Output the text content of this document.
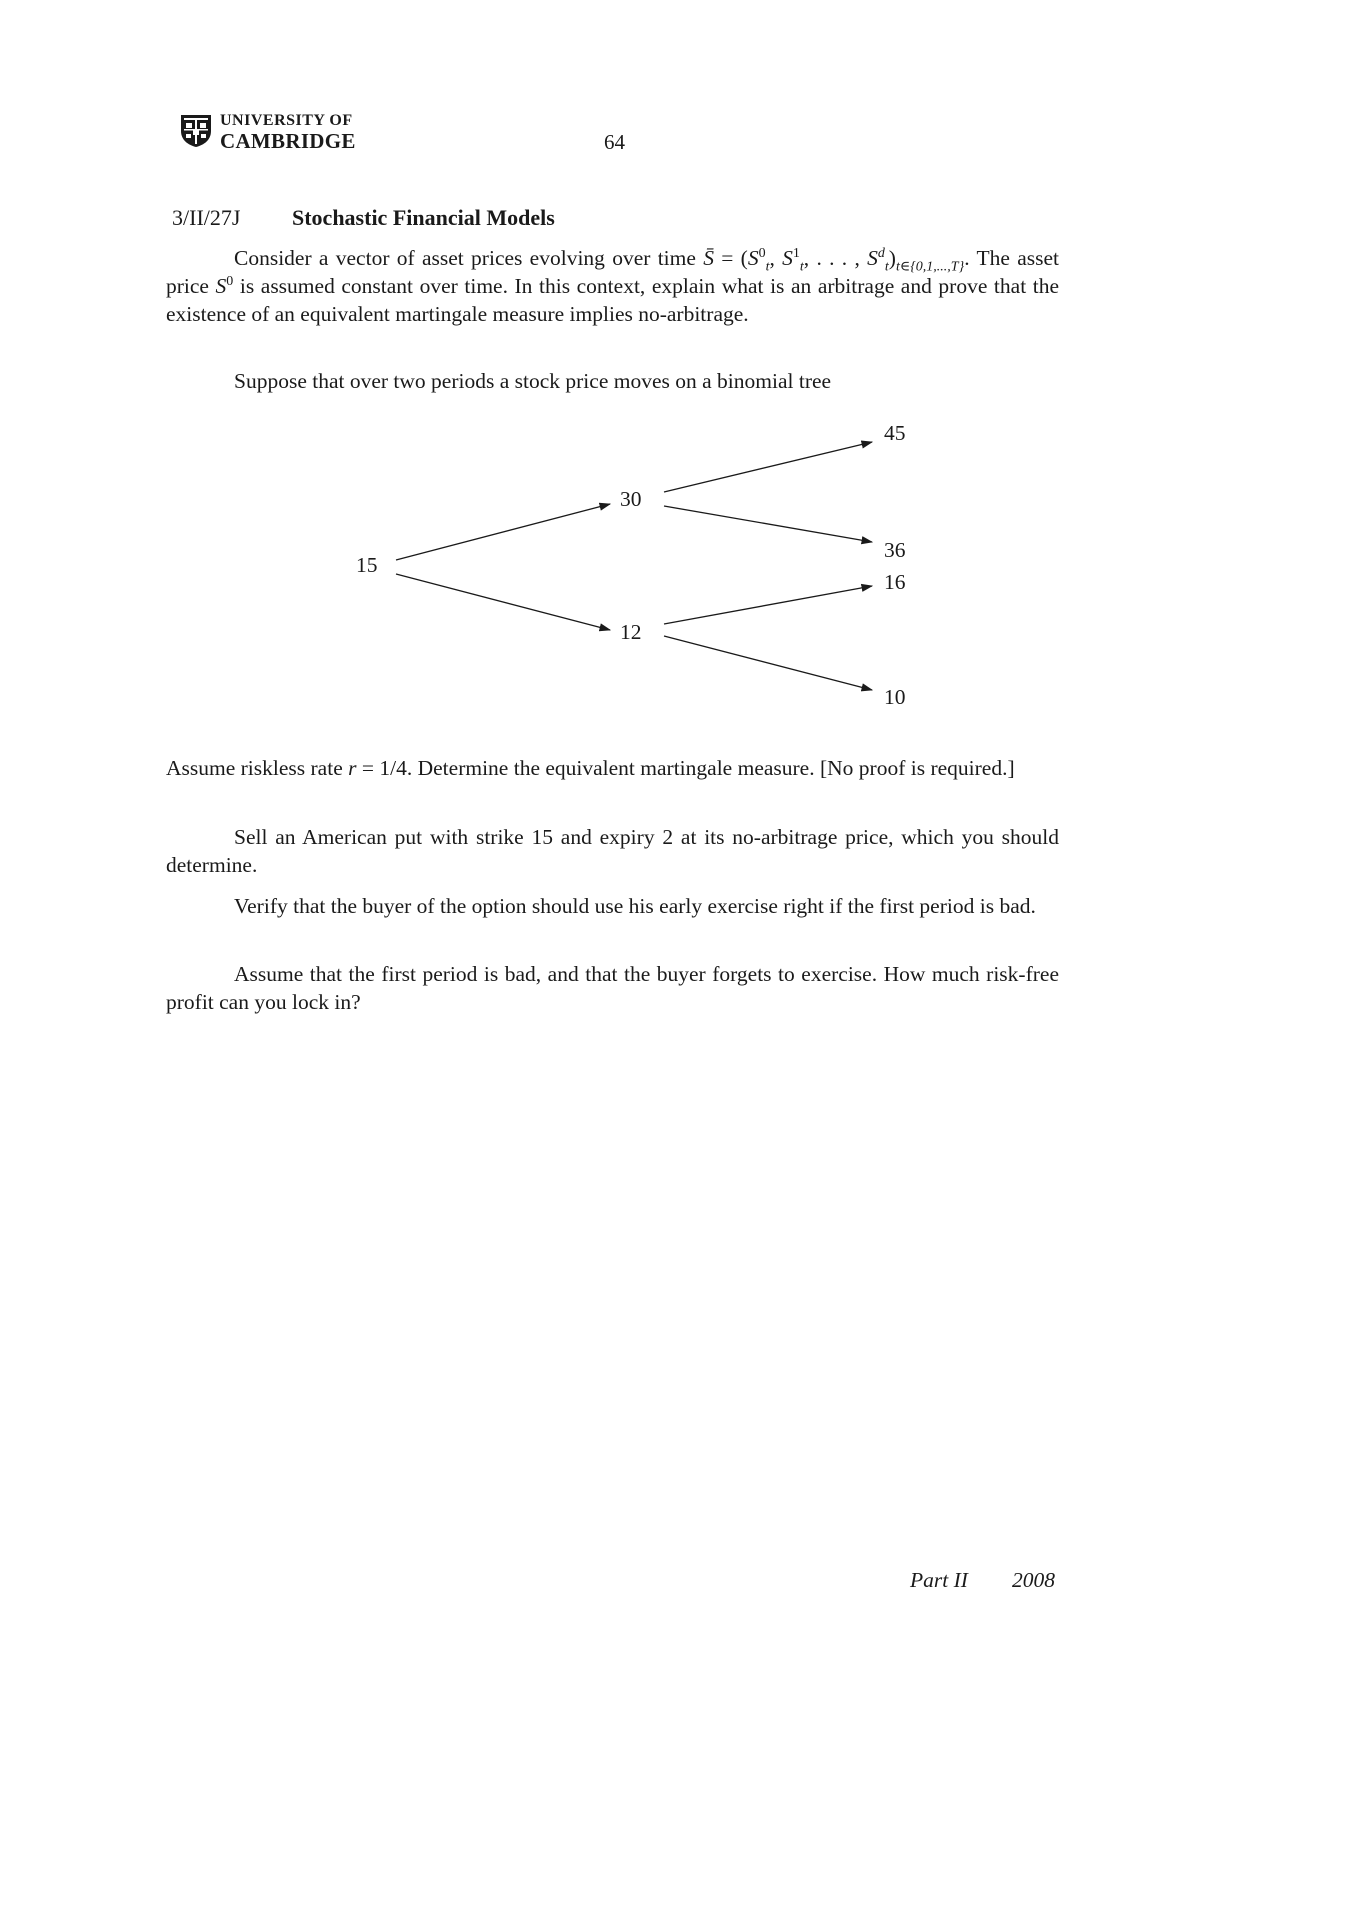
UNIVERSITY OF
CAMBRIDGE	64
3/II/27J Stochastic Financial Models

Consider a vector of asset prices evolving over time S̄ = ($S^0_t$, $S^1_t$, . . . , $S^d_t)_{t\in\{0,1,...,T\}}$. The asset price $S^0$ is assumed constant over time. In this context, explain what is an arbitrage and prove that the existence of an equivalent martingale measure implies no-arbitrage.

Suppose that over two periods a stock price moves on a binomial tree

15
30
12
45
36
16
10

Assume riskless rate r = 1/4. Determine the equivalent martingale measure. [No proof is required.]

Sell an American put with strike 15 and expiry 2 at its no-arbitrage price, which you should determine.

Verify that the buyer of the option should use his early exercise right if the first period is bad.

Assume that the first period is bad, and that the buyer forgets to exercise. How much risk-free profit can you lock in?

Part II 2008
